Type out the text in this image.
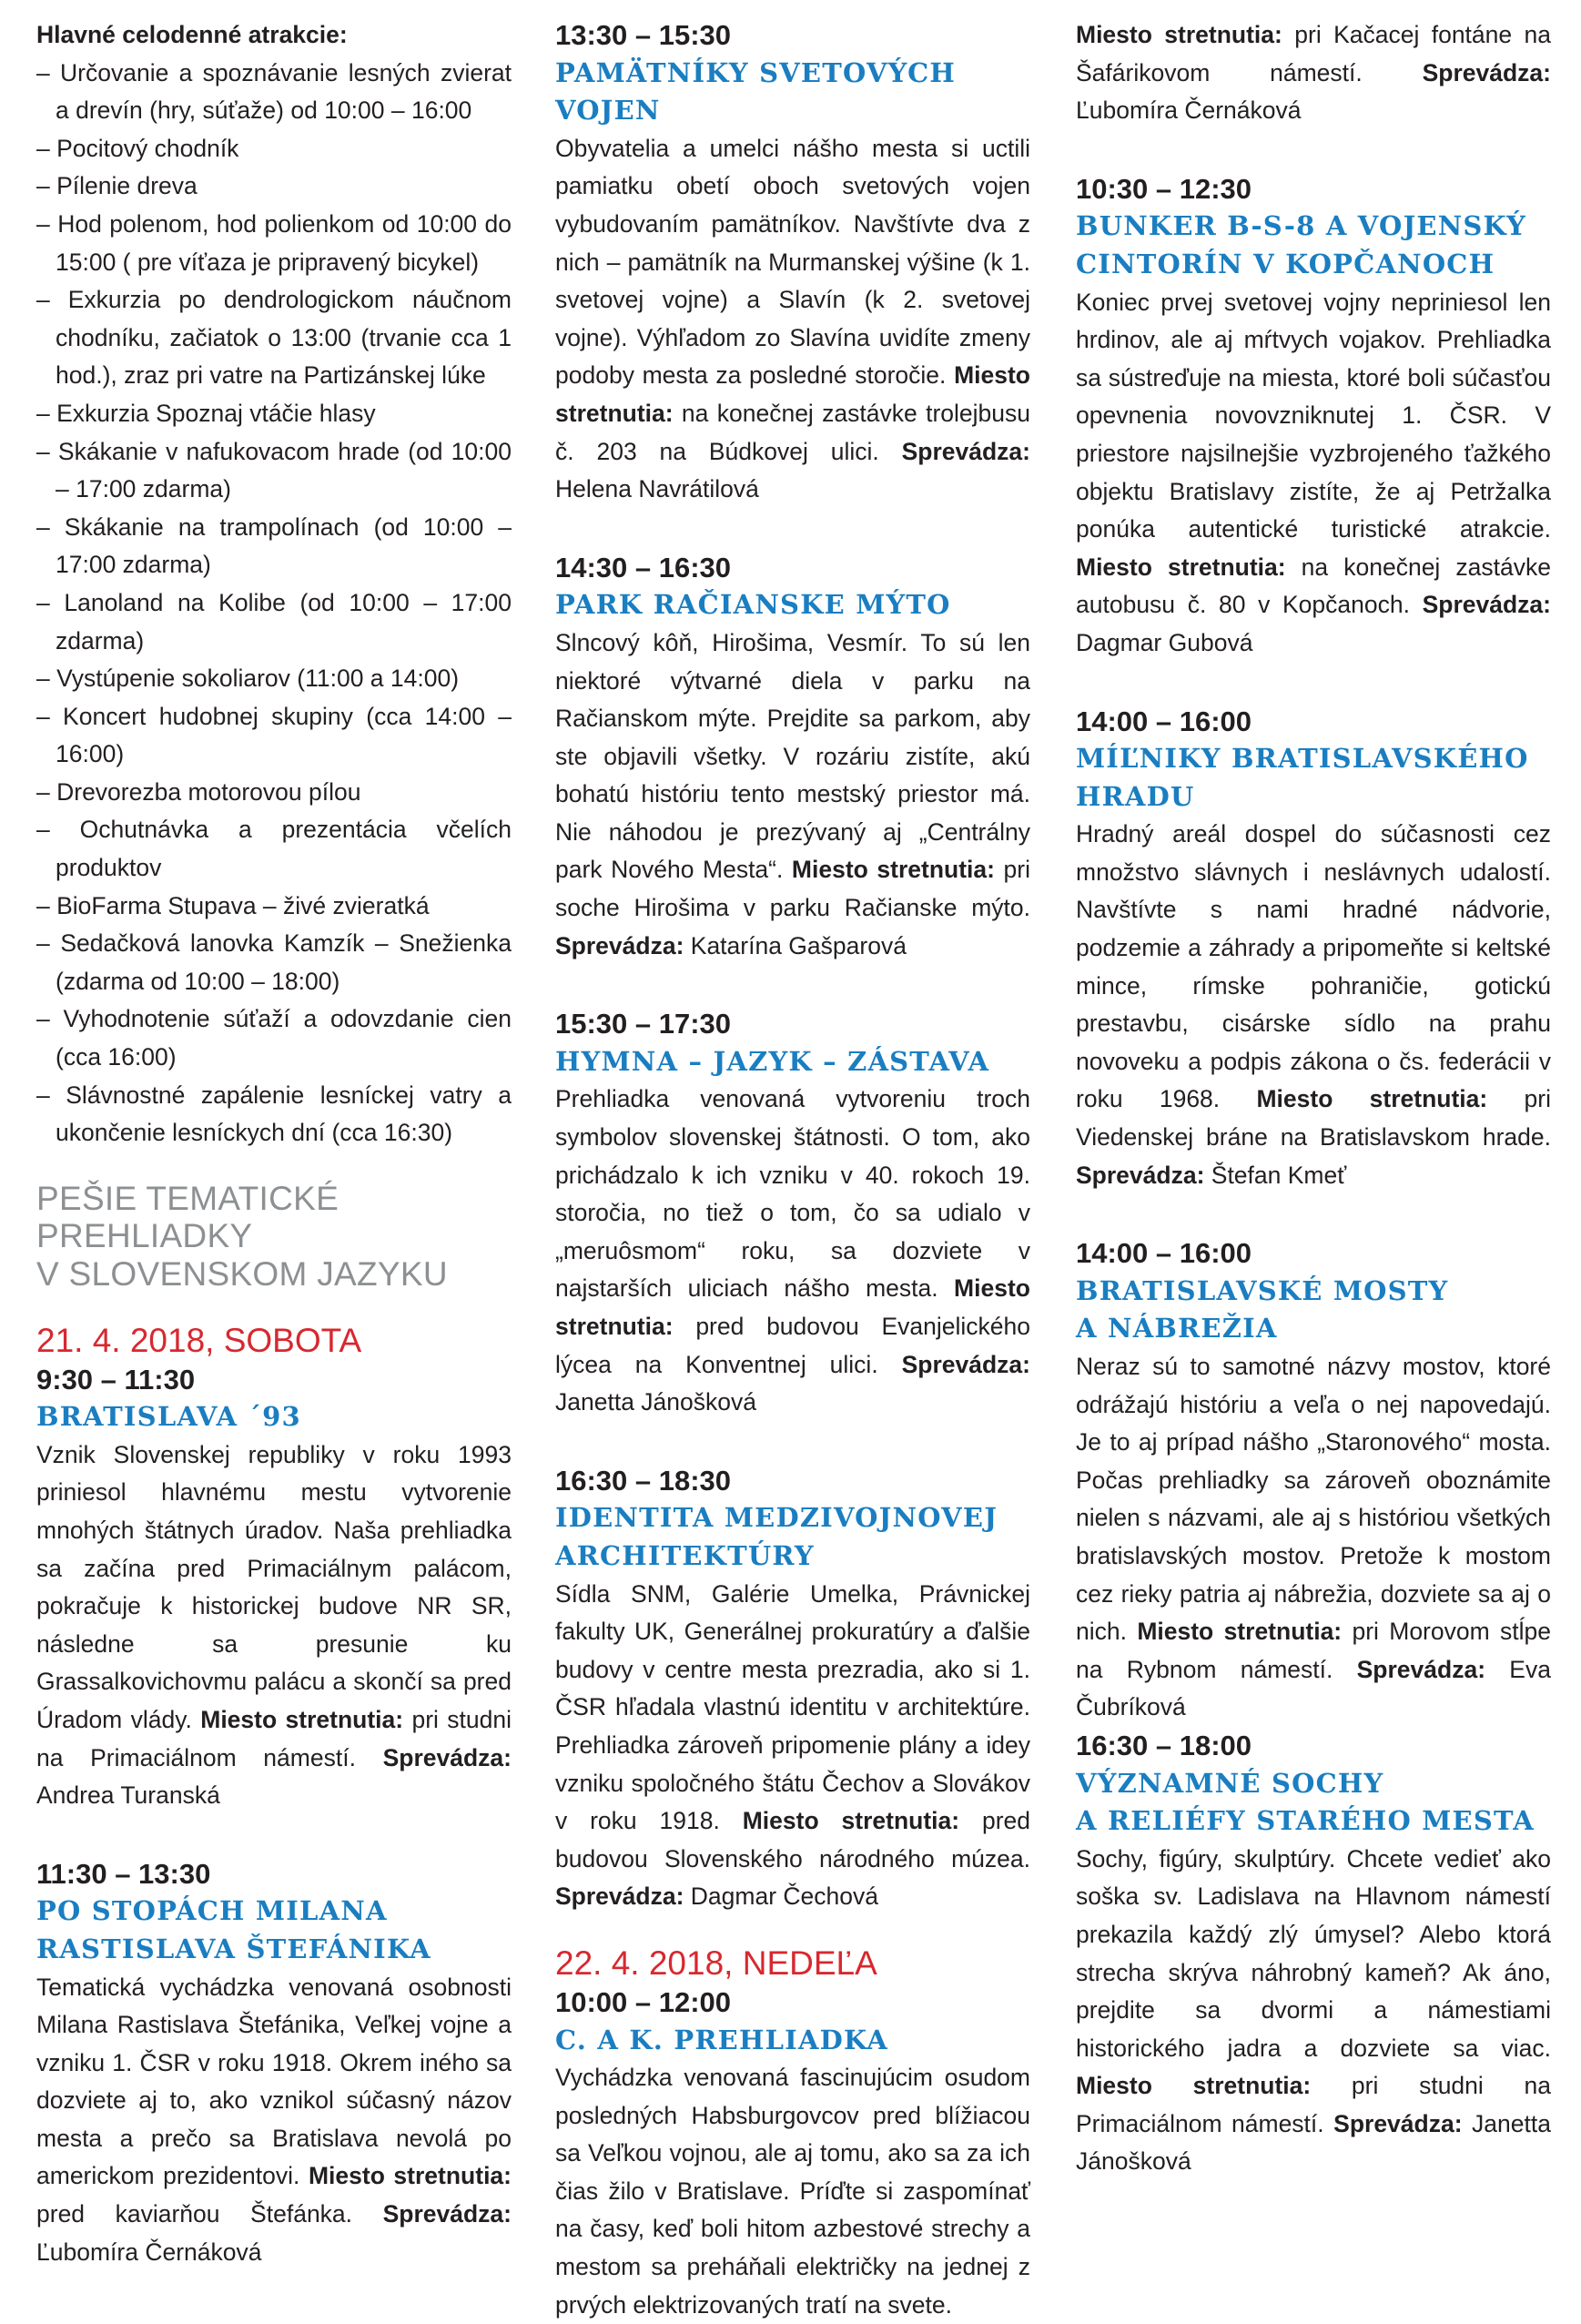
Hlavné celodenné atrakcie:

– Určovanie a spoznávanie lesných zvierat a drevín (hry, súťaže) od 10:00 – 16:00
– Pocitový chodník
– Pílenie dreva
– Hod polenom, hod polienkom od 10:00 do 15:00 ( pre víťaza je pripravený bicykel)
– Exkurzia po dendrologickom náučnom chodníku, začiatok o 13:00 (trvanie cca 1 hod.), zraz pri vatre na Partizánskej lúke
– Exkurzia Spoznaj vtáčie hlasy
– Skákanie v nafukovacom hrade (od 10:00 – 17:00 zdarma)
– Skákanie na trampolínach (od 10:00 – 17:00 zdarma)
– Lanoland na Kolibe (od 10:00 – 17:00 zdarma)
– Vystúpenie sokoliarov (11:00 a 14:00)
– Koncert hudobnej skupiny (cca 14:00 – 16:00)
– Drevorezba motorovou pílou
– Ochutnávka a prezentácia včelích produktov
– BioFarma Stupava – živé zvieratká
– Sedačková lanovka Kamzík – Snežienka (zdarma od 10:00 – 18:00)
– Vyhodnotenie súťaží a odovzdanie cien (cca 16:00)
– Slávnostné zapálenie lesníckej vatry a ukončenie lesníckych dní (cca 16:30)
PEŠIE TEMATICKÉ
PREHLIADKY
V SLOVENSKOM JAZYKU
21. 4. 2018, SOBOTA
9:30 – 11:30
BRATISLAVA ´93

Vznik Slovenskej republiky v roku 1993 priniesol hlavnému mestu vytvorenie mnohých štátnych úradov. Naša prehliadka sa začína pred Primaciálnym palácom, pokračuje k historickej budove NR SR, následne sa presunie ku Grassalkovichovmu palácu a skončí sa pred Úradom vlády. Miesto stretnutia: pri studni na Primaciálnom námestí. Sprevádza: Andrea Turanská

11:30 – 13:30
PO STOPÁCH MILANA
RASTISLAVA ŠTEFÁNIKA

Tematická vychádzka venovaná osobnosti Milana Rastislava Štefánika, Veľkej vojne a vzniku 1. ČSR v roku 1918. Okrem iného sa dozviete aj to, ako vznikol súčasný názov mesta a prečo sa Bratislava nevolá po americkom prezidentovi. Miesto stretnutia: pred kaviarňou Štefánka. Sprevádza: Ľubomíra Černáková

13:30 – 15:30
PAMÄTNÍKY SVETOVÝCH
VOJEN

Obyvatelia a umelci nášho mesta si uctili pamiatku obetí oboch svetových vojen vybudovaním pamätníkov. Navštívte dva z nich – pamätník na Murmanskej výšine (k 1. svetovej vojne) a Slavín (k 2. svetovej vojne). Výhľadom zo Slavína uvidíte zmeny podoby mesta za posledné storočie. Miesto stretnutia: na konečnej zastávke trolejbusu č. 203 na Búdkovej ulici. Sprevádza: Helena Navrátilová

14:30 – 16:30
PARK RAČIANSKE MÝTO

Slncový kôň, Hirošima, Vesmír. To sú len niektoré výtvarné diela v parku na Račianskom mýte. Prejdite sa parkom, aby ste objavili všetky. V rozáriu zistíte, akú bohatú históriu tento mestský priestor má. Nie náhodou je prezývaný aj „Centrálny park Nového Mesta“. Miesto stretnutia: pri soche Hirošima v parku Račianske mýto. Sprevádza: Katarína Gašparová

15:30 – 17:30
HYMNA – JAZYK – ZÁSTAVA

Prehliadka venovaná vytvoreniu troch symbolov slovenskej štátnosti. O tom, ako prichádzalo k ich vzniku v 40. rokoch 19. storočia, no tiež o tom, čo sa udialo v „meruôsmom“ roku, sa dozviete v najstarších uliciach nášho mesta. Miesto stretnutia: pred budovou Evanjelického lýcea na Konventnej ulici. Sprevádza: Janetta Jánošková

16:30 – 18:30
IDENTITA MEDZIVOJNOVEJ
ARCHITEKTÚRY

Sídla SNM, Galérie Umelka, Právnickej fakulty UK, Generálnej prokuratúry a ďalšie budovy v centre mesta prezradia, ako si 1. ČSR hľadala vlastnú identitu v architektúre. Prehliadka zároveň pripomenie plány a idey vzniku spoločného štátu Čechov a Slovákov v roku 1918. Miesto stretnutia: pred budovou Slovenského národného múzea. Sprevádza: Dagmar Čechová

22. 4. 2018, NEDEĽA
10:00 – 12:00
C. A K. PREHLIADKA

Vychádzka venovaná fascinujúcim osudom posledných Habsburgovcov pred blížiacou sa Veľkou vojnou, ale aj tomu, ako sa za ich čias žilo v Bratislave. Príďte si zaspomínať na časy, keď boli hitom azbestové strechy a mestom sa preháňali električky na jednej z prvých elektrizovaných tratí na svete.

Miesto stretnutia: pri Kačacej fontáne na Šafárikovom námestí. Sprevádza: Ľubomíra Černáková

10:30 – 12:30
BUNKER B-S-8 A VOJENSKÝ
CINTORÍN V KOPČANOCH

Koniec prvej svetovej vojny nepriniesol len hrdinov, ale aj mŕtvych vojakov. Prehliadka sa sústreďuje na miesta, ktoré boli súčasťou opevnenia novovzniknutej 1. ČSR. V priestore najsilnejšie vyzbrojeného ťažkého objektu Bratislavy zistíte, že aj Petržalka ponúka autentické turistické atrakcie. Miesto stretnutia: na konečnej zastávke autobusu č. 80 v Kopčanoch. Sprevádza: Dagmar Gubová

14:00 – 16:00
MÍĽNIKY BRATISLAVSKÉHO
HRADU

Hradný areál dospel do súčasnosti cez množstvo slávnych i neslávnych udalostí. Navštívte s nami hradné nádvorie, podzemie a záhrady a pripomeňte si keltské mince, rímske pohraničie, gotickú prestavbu, cisárske sídlo na prahu novoveku a podpis zákona o čs. federácii v roku 1968. Miesto stretnutia: pri Viedenskej bráne na Bratislavskom hrade. Sprevádza: Štefan Kmeť

14:00 – 16:00
BRATISLAVSKÉ MOSTY
A NÁBREŽIA

Neraz sú to samotné názvy mostov, ktoré odrážajú históriu a veľa o nej napovedajú. Je to aj prípad nášho „Staronového“ mosta. Počas prehliadky sa zároveň oboznámite nielen s názvami, ale aj s históriou všetkých bratislavských mostov. Pretože k mostom cez rieky patria aj nábrežia, dozviete sa aj o nich. Miesto stretnutia: pri Morovom stĺpe na Rybnom námestí. Sprevádza: Eva Čubríková

16:30 – 18:00
VÝZNAMNÉ SOCHY
A RELIÉFY STARÉHO MESTA

Sochy, figúry, skulptúry. Chcete vedieť ako soška sv. Ladislava na Hlavnom námestí prekazila každý zlý úmysel? Alebo ktorá strecha skrýva náhrobný kameň? Ak áno, prejdite sa dvormi a námestiami historického jadra a dozviete sa viac. Miesto stretnutia: pri studni na Primaciálnom námestí. Sprevádza: Janetta Jánošková
